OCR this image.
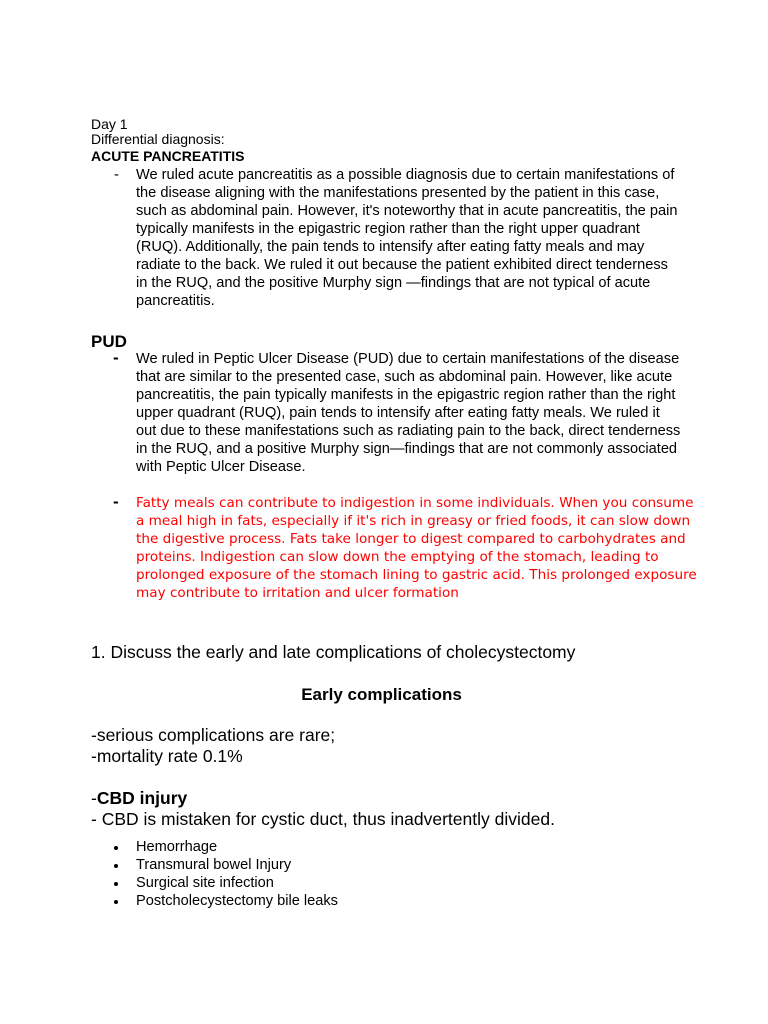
Day 1
Differential diagnosis:
ACUTE PANCREATITIS
- We ruled acute pancreatitis as a possible diagnosis due to certain manifestations of the disease aligning with the manifestations presented by the patient in this case, such as abdominal pain. However, it's noteworthy that in acute pancreatitis, the pain typically manifests in the epigastric region rather than the right upper quadrant (RUQ). Additionally, the pain tends to intensify after eating fatty meals and may radiate to the back. We ruled it out because the patient exhibited direct tenderness in the RUQ, and the positive Murphy sign —findings that are not typical of acute pancreatitis.
PUD
- We ruled in Peptic Ulcer Disease (PUD) due to certain manifestations of the disease that are similar to the presented case, such as abdominal pain. However, like acute pancreatitis, the pain typically manifests in the epigastric region rather than the right upper quadrant (RUQ), pain tends to intensify after eating fatty meals. We ruled it out due to these manifestations such as radiating pain to the back, direct tenderness in the RUQ, and a positive Murphy sign—findings that are not commonly associated with Peptic Ulcer Disease.
- Fatty meals can contribute to indigestion in some individuals. When you consume a meal high in fats, especially if it's rich in greasy or fried foods, it can slow down the digestive process. Fats take longer to digest compared to carbohydrates and proteins. Indigestion can slow down the emptying of the stomach, leading to prolonged exposure of the stomach lining to gastric acid. This prolonged exposure may contribute to irritation and ulcer formation
1. Discuss the early and late complications of cholecystectomy
Early complications
-serious complications are rare;
-mortality rate 0.1%
-CBD injury
- CBD is mistaken for cystic duct, thus inadvertently divided.
Hemorrhage
Transmural bowel Injury
Surgical site infection
Postcholecystectomy bile leaks
